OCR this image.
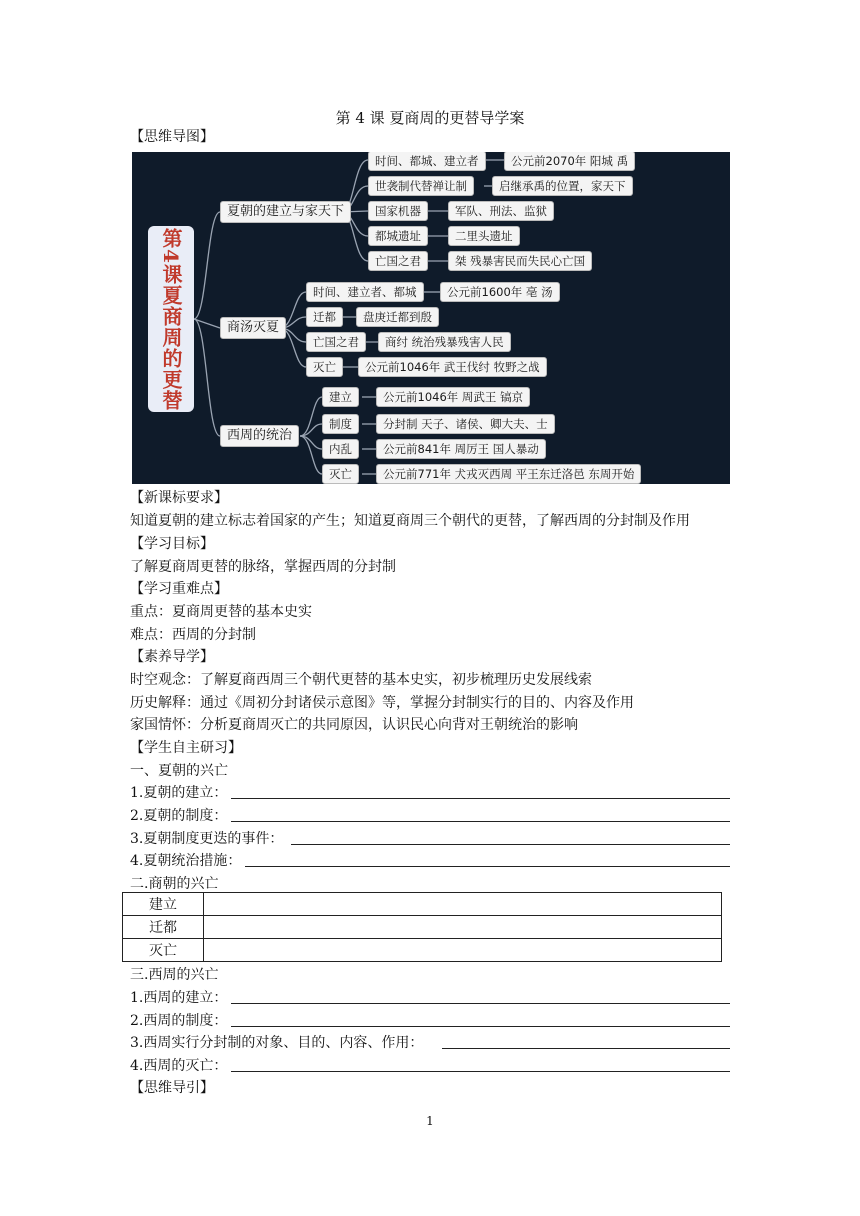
第 4 课 夏商周的更替导学案
【思维导图】
第4课夏商周的更替
夏朝的建立与家天下
时间、都城、建立者	公元前2070年 阳城 禹
世袭制代替禅让制	启继承禹的位置，家天下
国家机器	军队、刑法、监狱
都城遗址	二里头遗址
亡国之君	桀 残暴害民而失民心亡国
商汤灭夏
时间、建立者、都城	公元前1600年 亳 汤
迁都	盘庚迁都到殷
亡国之君	商纣 统治残暴残害人民
灭亡	公元前1046年 武王伐纣 牧野之战
西周的统治
建立	公元前1046年 周武王 镐京
制度	分封制 天子、诸侯、卿大夫、士
内乱	公元前841年 周厉王 国人暴动
灭亡	公元前771年 犬戎灭西周 平王东迁洛邑 东周开始
【新课标要求】
知道夏朝的建立标志着国家的产生；知道夏商周三个朝代的更替，了解西周的分封制及作用
【学习目标】
了解夏商周更替的脉络，掌握西周的分封制
【学习重难点】
重点：夏商周更替的基本史实
难点：西周的分封制
【素养导学】
时空观念：了解夏商西周三个朝代更替的基本史实，初步梳理历史发展线索
历史解释：通过《周初分封诸侯示意图》等，掌握分封制实行的目的、内容及作用
家国情怀：分析夏商周灭亡的共同原因，认识民心向背对王朝统治的影响
【学生自主研习】
一、夏朝的兴亡
1.夏朝的建立：
2.夏朝的制度：
3.夏朝制度更迭的事件：
4.夏朝统治措施：
二.商朝的兴亡
建立	
迁都	
灭亡	
三.西周的兴亡
1.西周的建立：
2.西周的制度：
3.西周实行分封制的对象、目的、内容、作用：
4.西周的灭亡：
【思维导引】
1
